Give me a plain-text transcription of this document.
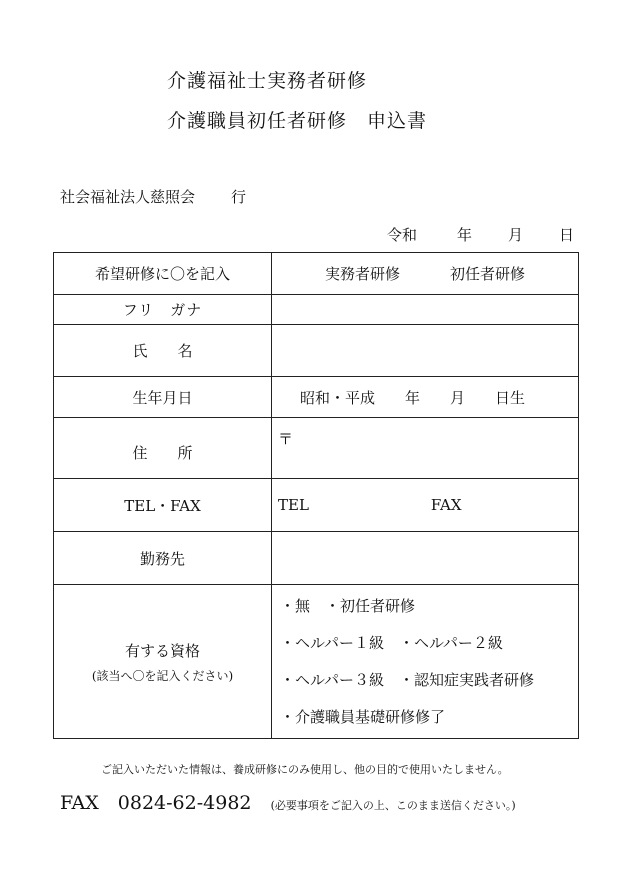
介護福祉士実務者研修
介護職員初任者研修　申込書
社会福祉法人慈照会 行
令和	年 月 日
希望研修に〇を記入	実務者研修 初任者研修
フリ　ガナ	
氏　　名	
生年月日	昭和・平成　　年　　月　　日生
住　　所	〒
TEL・FAX	TEL FAX
勤務先	

有する資格
(該当へ〇を記入ください)	・無　・初任者研修
・ヘルパー１級　・ヘルパー２級
・ヘルパー３級　・認知症実践者研修
・介護職員基礎研修修了
ご記入いただいた情報は、養成研修にのみ使用し、他の目的で使用いたしません。
FAX　0824-62-4982 (必要事項をご記入の上、このまま送信ください。)
